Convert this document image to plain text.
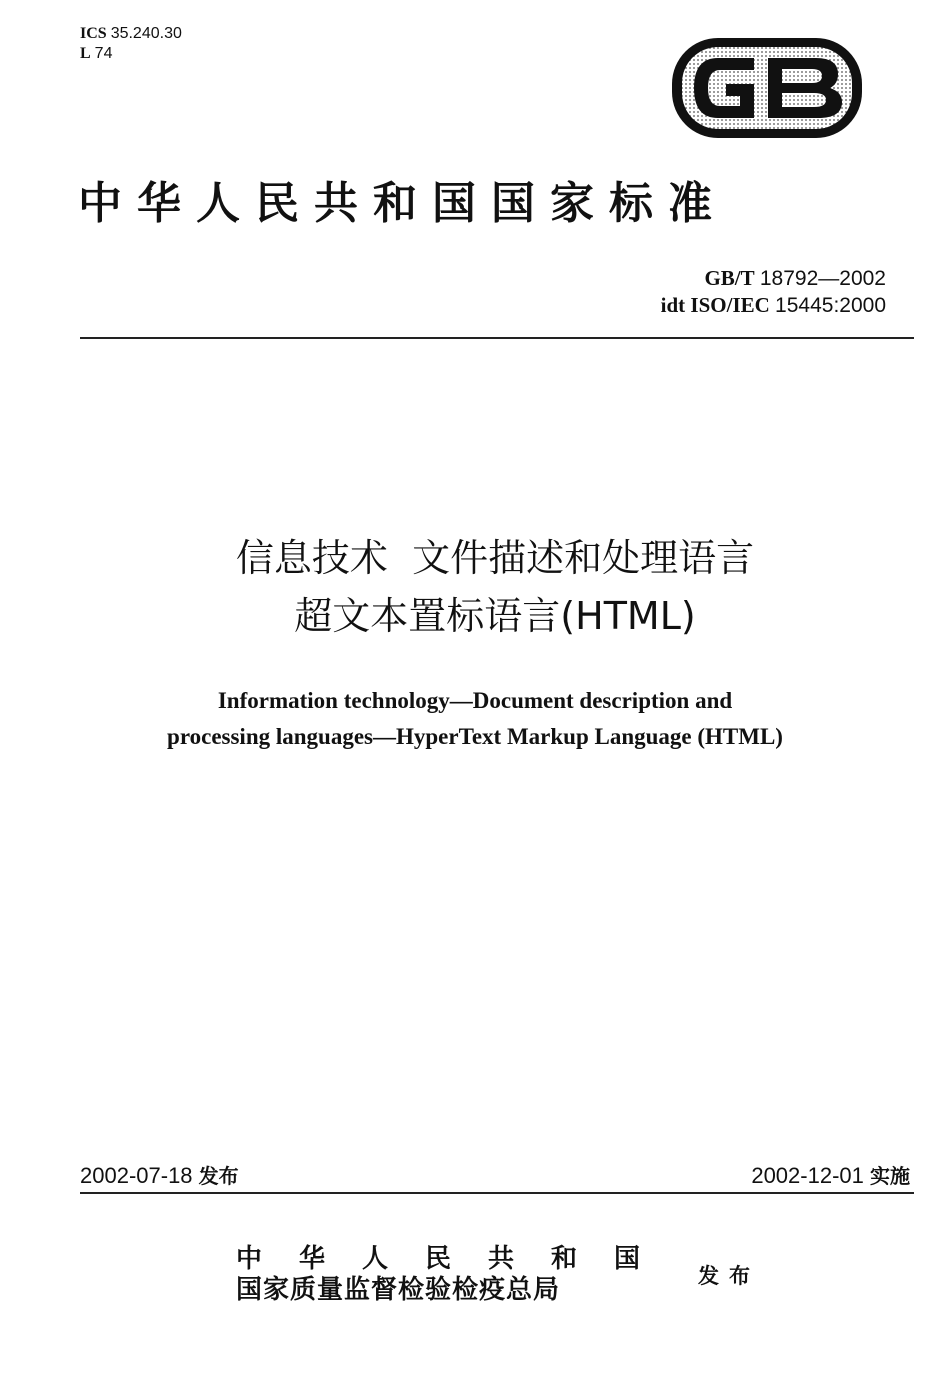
ICS 35.240.30
L 74
中华人民共和国国家标准
GB/T 18792—2002
idt ISO/IEC 15445:2000
信息技术  文件描述和处理语言
超文本置标语言(HTML)
Information technology—Document description and
processing languages—HyperText Markup Language (HTML)
2002-07-18 发布	2002-12-01 实施
中华人民共和国
国家质量监督检验检疫总局	发布
